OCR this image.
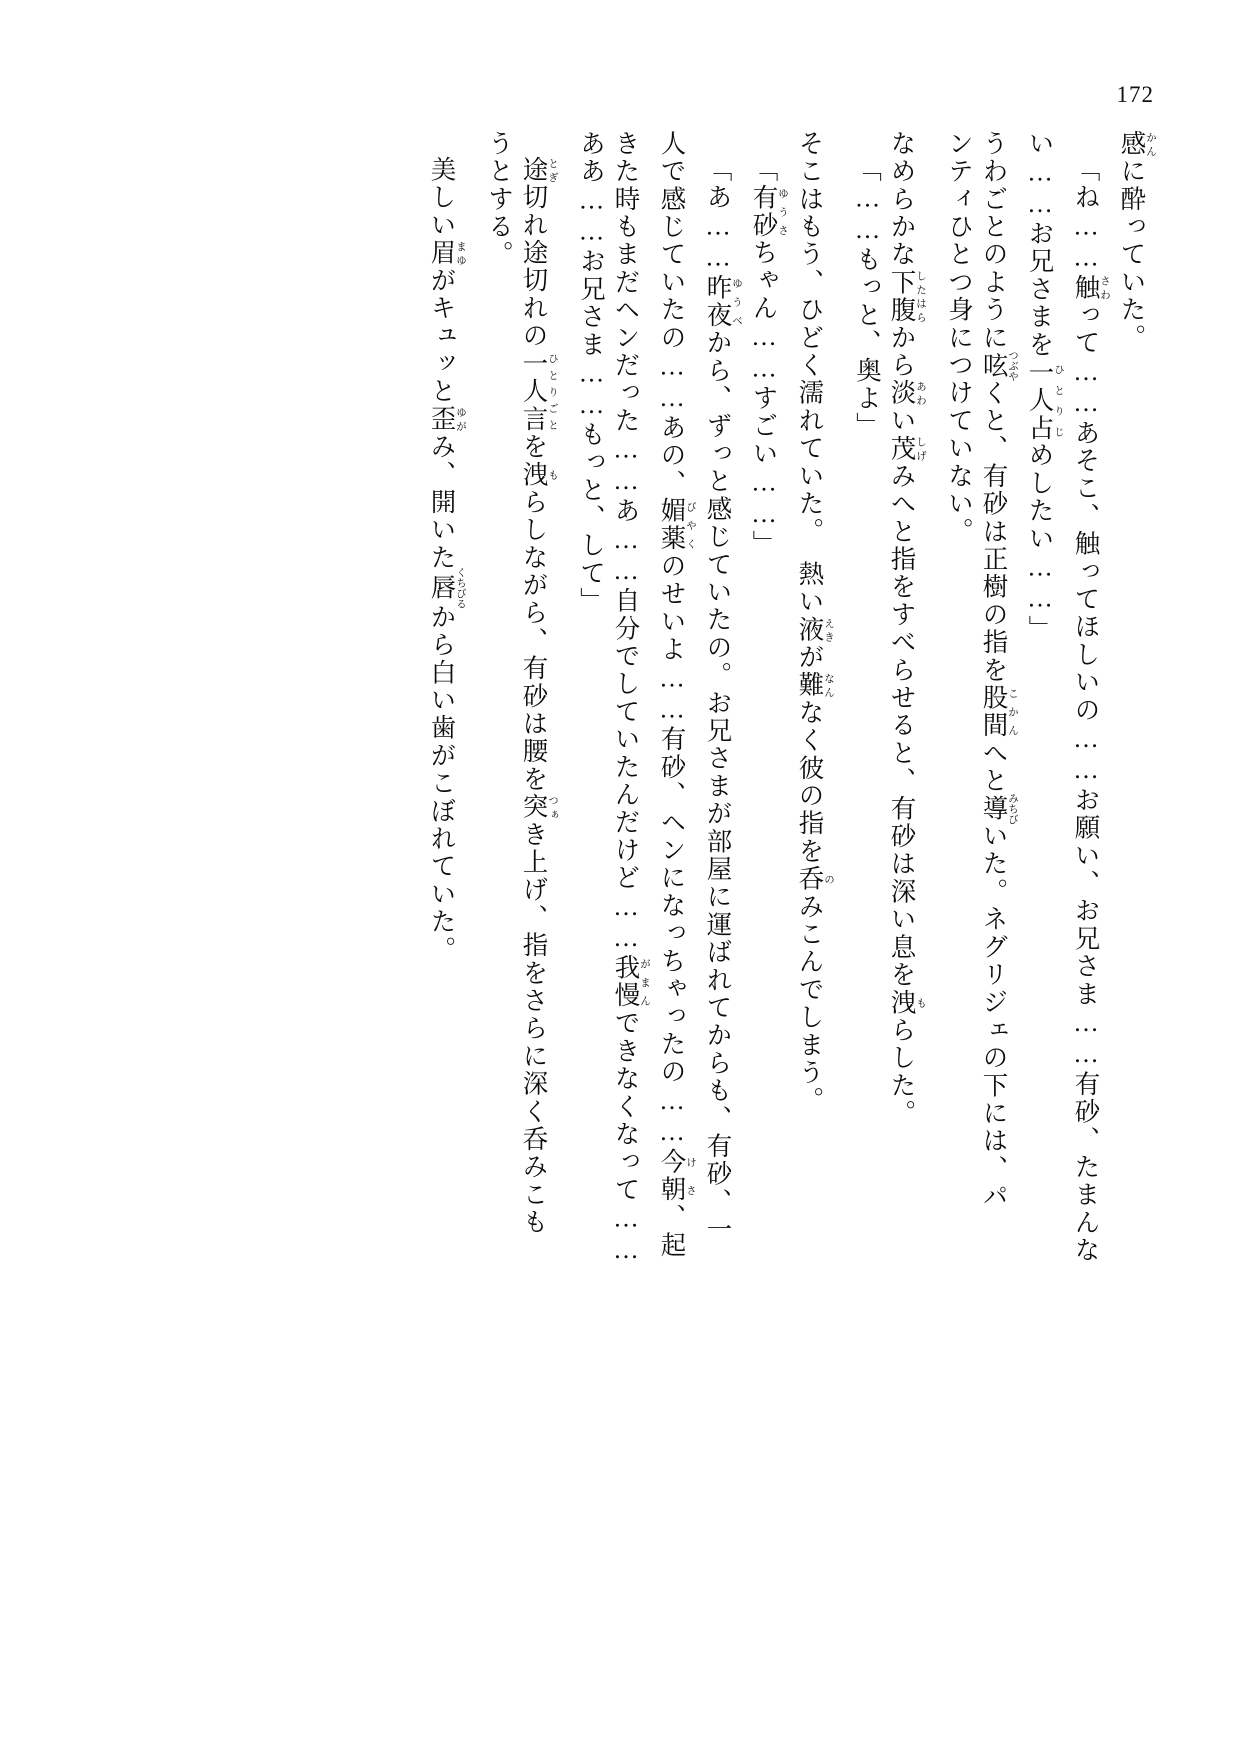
172
感かんに酔っていた。
「ね……触さわって……あそこ、触ってほしいの……お願い、お兄さま……有砂、たまんな
い……お兄さまを一人占ひとりじめしたい……」
うわごとのように呟つぶやくと、有砂は正樹の指を股間こかんへと導みちびいた。ネグリジェの下には、パ
ンティひとつ身につけていない。
なめらかな下腹したはらから淡あわい茂しげみへと指をすべらせると、有砂は深い息を洩もらした。
「……もっと、奥よ」
そこはもう、ひどく濡れていた。　熱い液えきが難なんなく彼の指を呑のみこんでしまう。
「有砂ゆうさちゃん……すごい……」
「あ……昨夜ゆうべから、ずっと感じていたの。お兄さまが部屋に運ばれてからも、有砂、一
人で感じていたの……あの、媚薬びやくのせいよ……有砂、ヘンになっちゃったの……今朝けさ、起
きた時もまだヘンだった……あ……自分でしていたんだけど……我慢がまんできなくなって……
ああ……お兄さま……もっと、して」
途とぎ切れ途切れの一人言ひとりごとを洩もらしながら、有砂は腰を突つぁき上げ、指をさらに深く呑みこも
うとする。
美しい眉まゆがキュッと歪ゆがみ、開いた唇くちびるから白い歯がこぼれていた。
